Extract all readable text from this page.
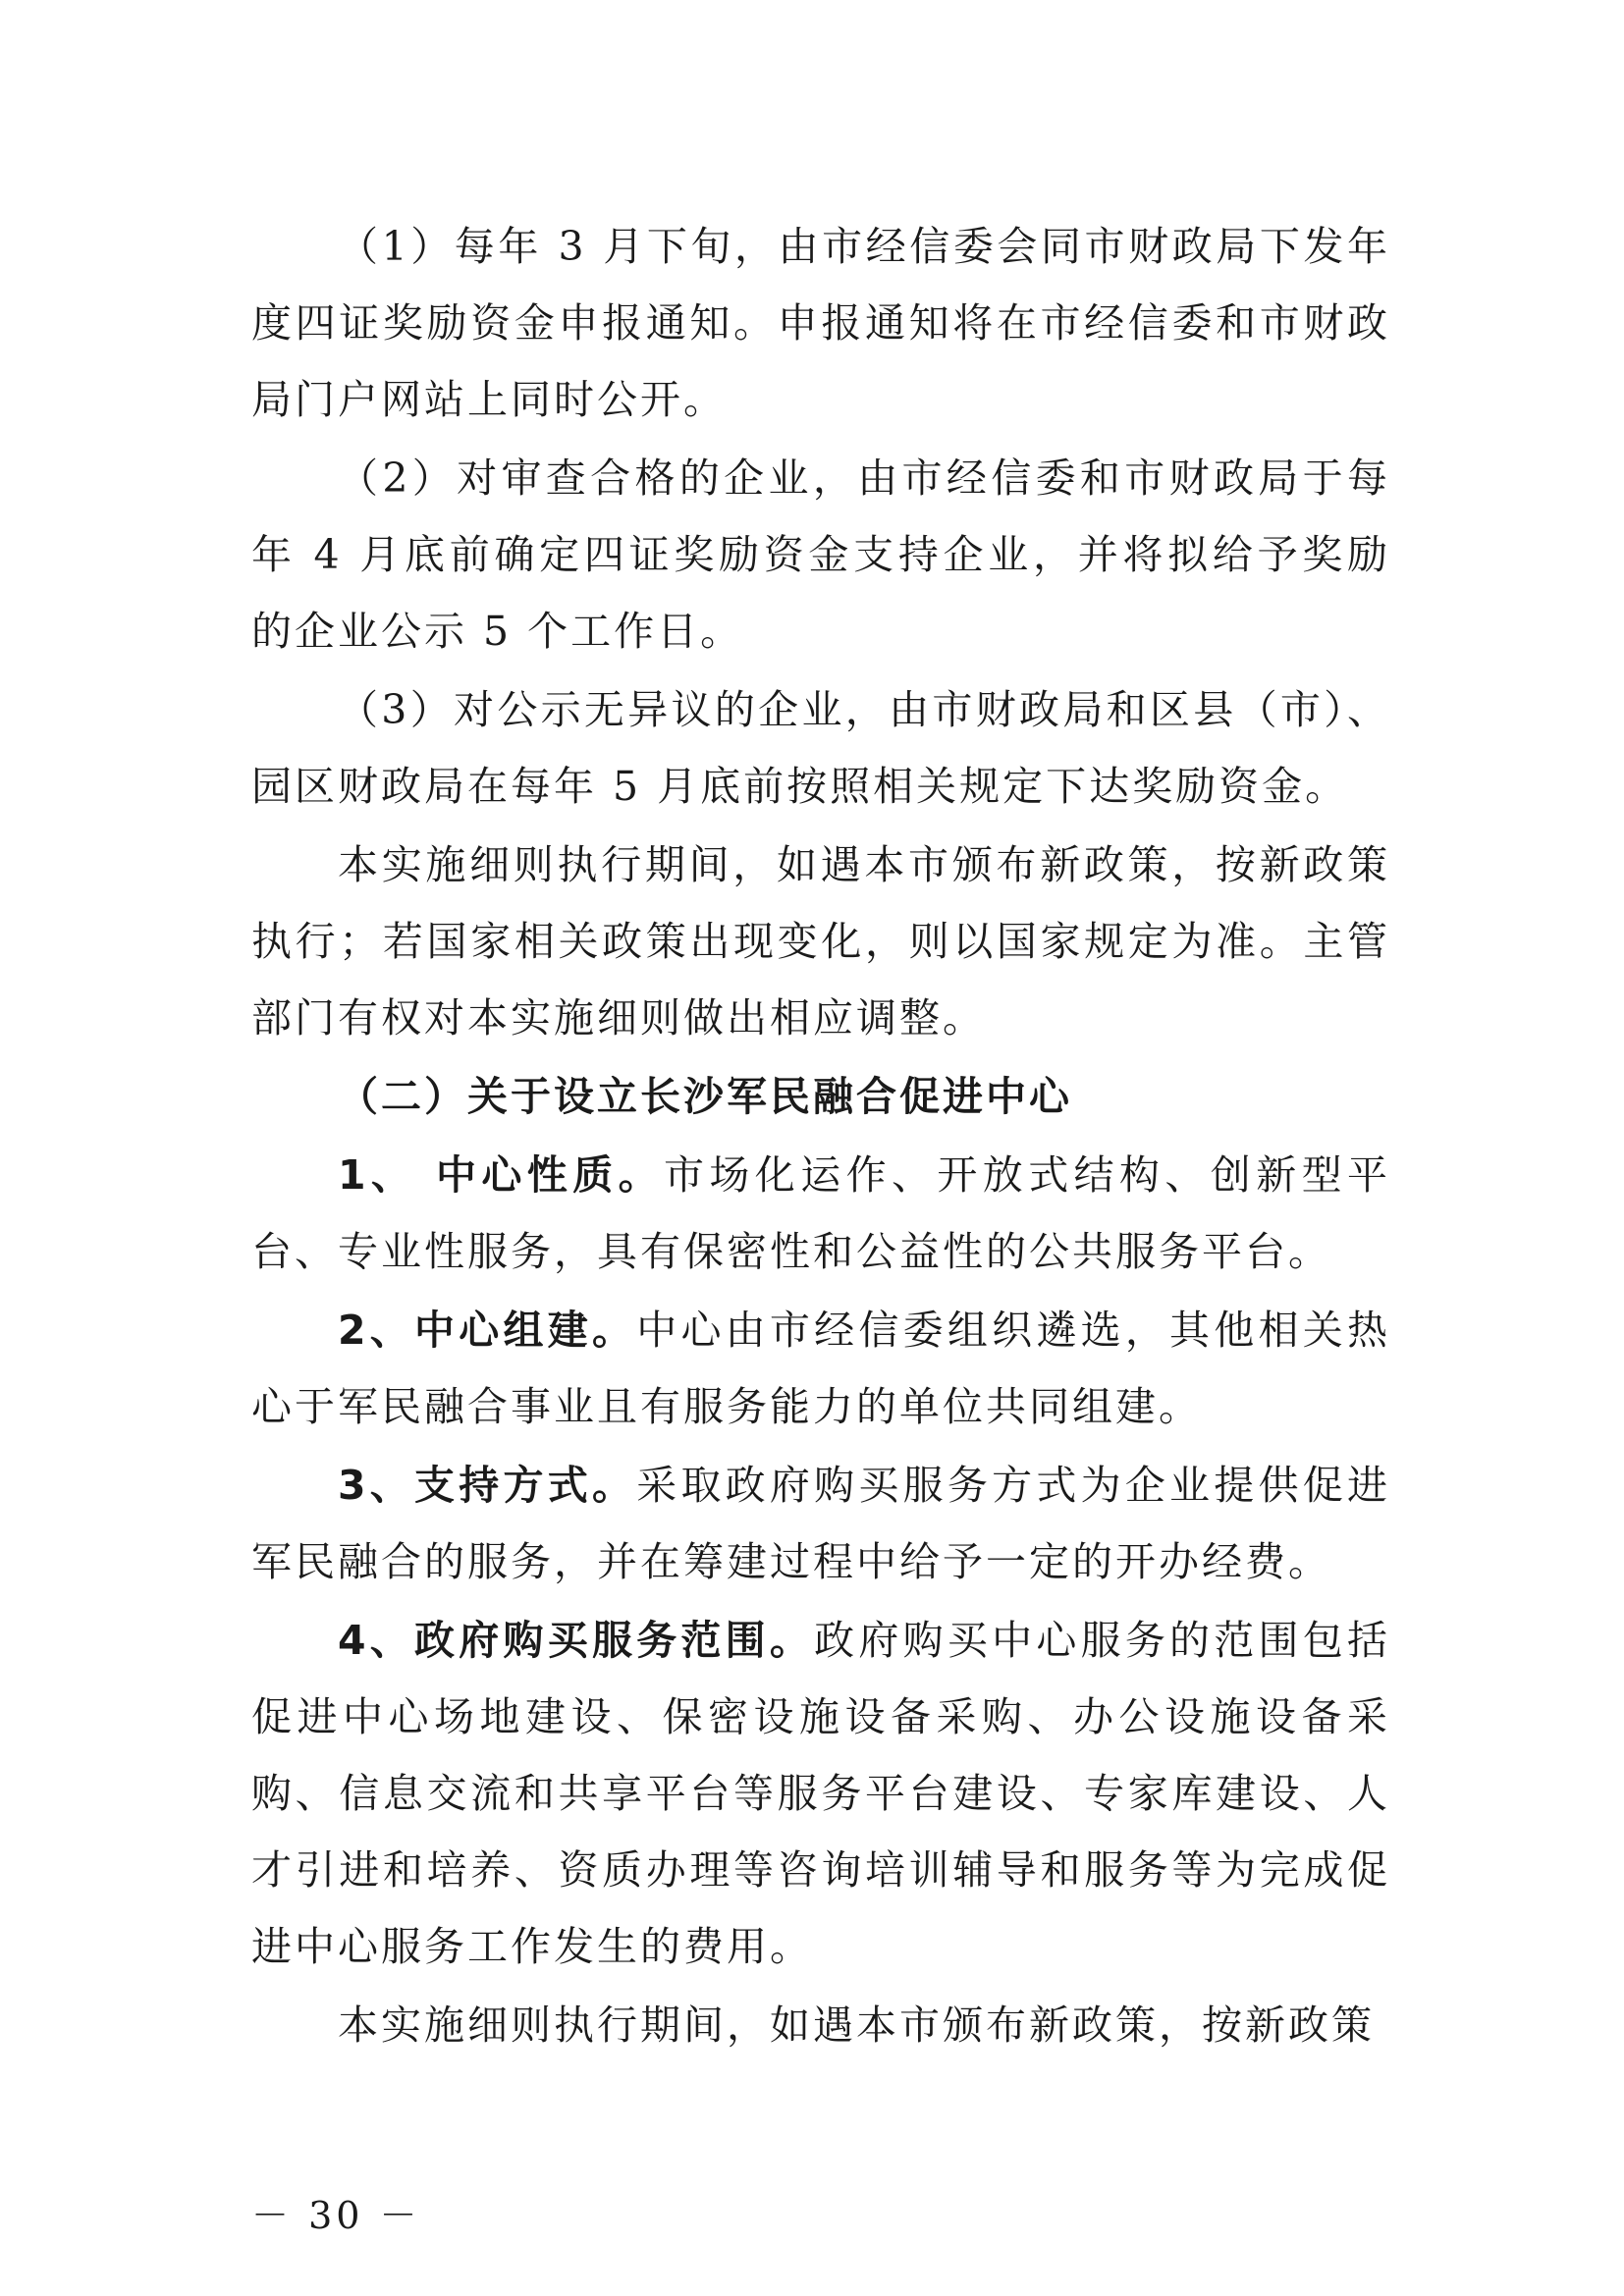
（1）每年 3 月下旬，由市经信委会同市财政局下发年度四证奖励资金申报通知。申报通知将在市经信委和市财政局门户网站上同时公开。

（2）对审查合格的企业，由市经信委和市财政局于每年 4 月底前确定四证奖励资金支持企业，并将拟给予奖励的企业公示 5 个工作日。

（3）对公示无异议的企业，由市财政局和区县（市）、园区财政局在每年 5 月底前按照相关规定下达奖励资金。

本实施细则执行期间，如遇本市颁布新政策，按新政策执行；若国家相关政策出现变化，则以国家规定为准。主管部门有权对本实施细则做出相应调整。

（二）关于设立长沙军民融合促进中心

1、 中心性质。市场化运作、开放式结构、创新型平台、专业性服务，具有保密性和公益性的公共服务平台。

2、中心组建。中心由市经信委组织遴选，其他相关热心于军民融合事业且有服务能力的单位共同组建。

3、支持方式。采取政府购买服务方式为企业提供促进军民融合的服务，并在筹建过程中给予一定的开办经费。

4、政府购买服务范围。政府购买中心服务的范围包括促进中心场地建设、保密设施设备采购、办公设施设备采购、信息交流和共享平台等服务平台建设、专家库建设、人才引进和培养、资质办理等咨询培训辅导和服务等为完成促进中心服务工作发生的费用。

本实施细则执行期间，如遇本市颁布新政策，按新政策

－ 30 －
